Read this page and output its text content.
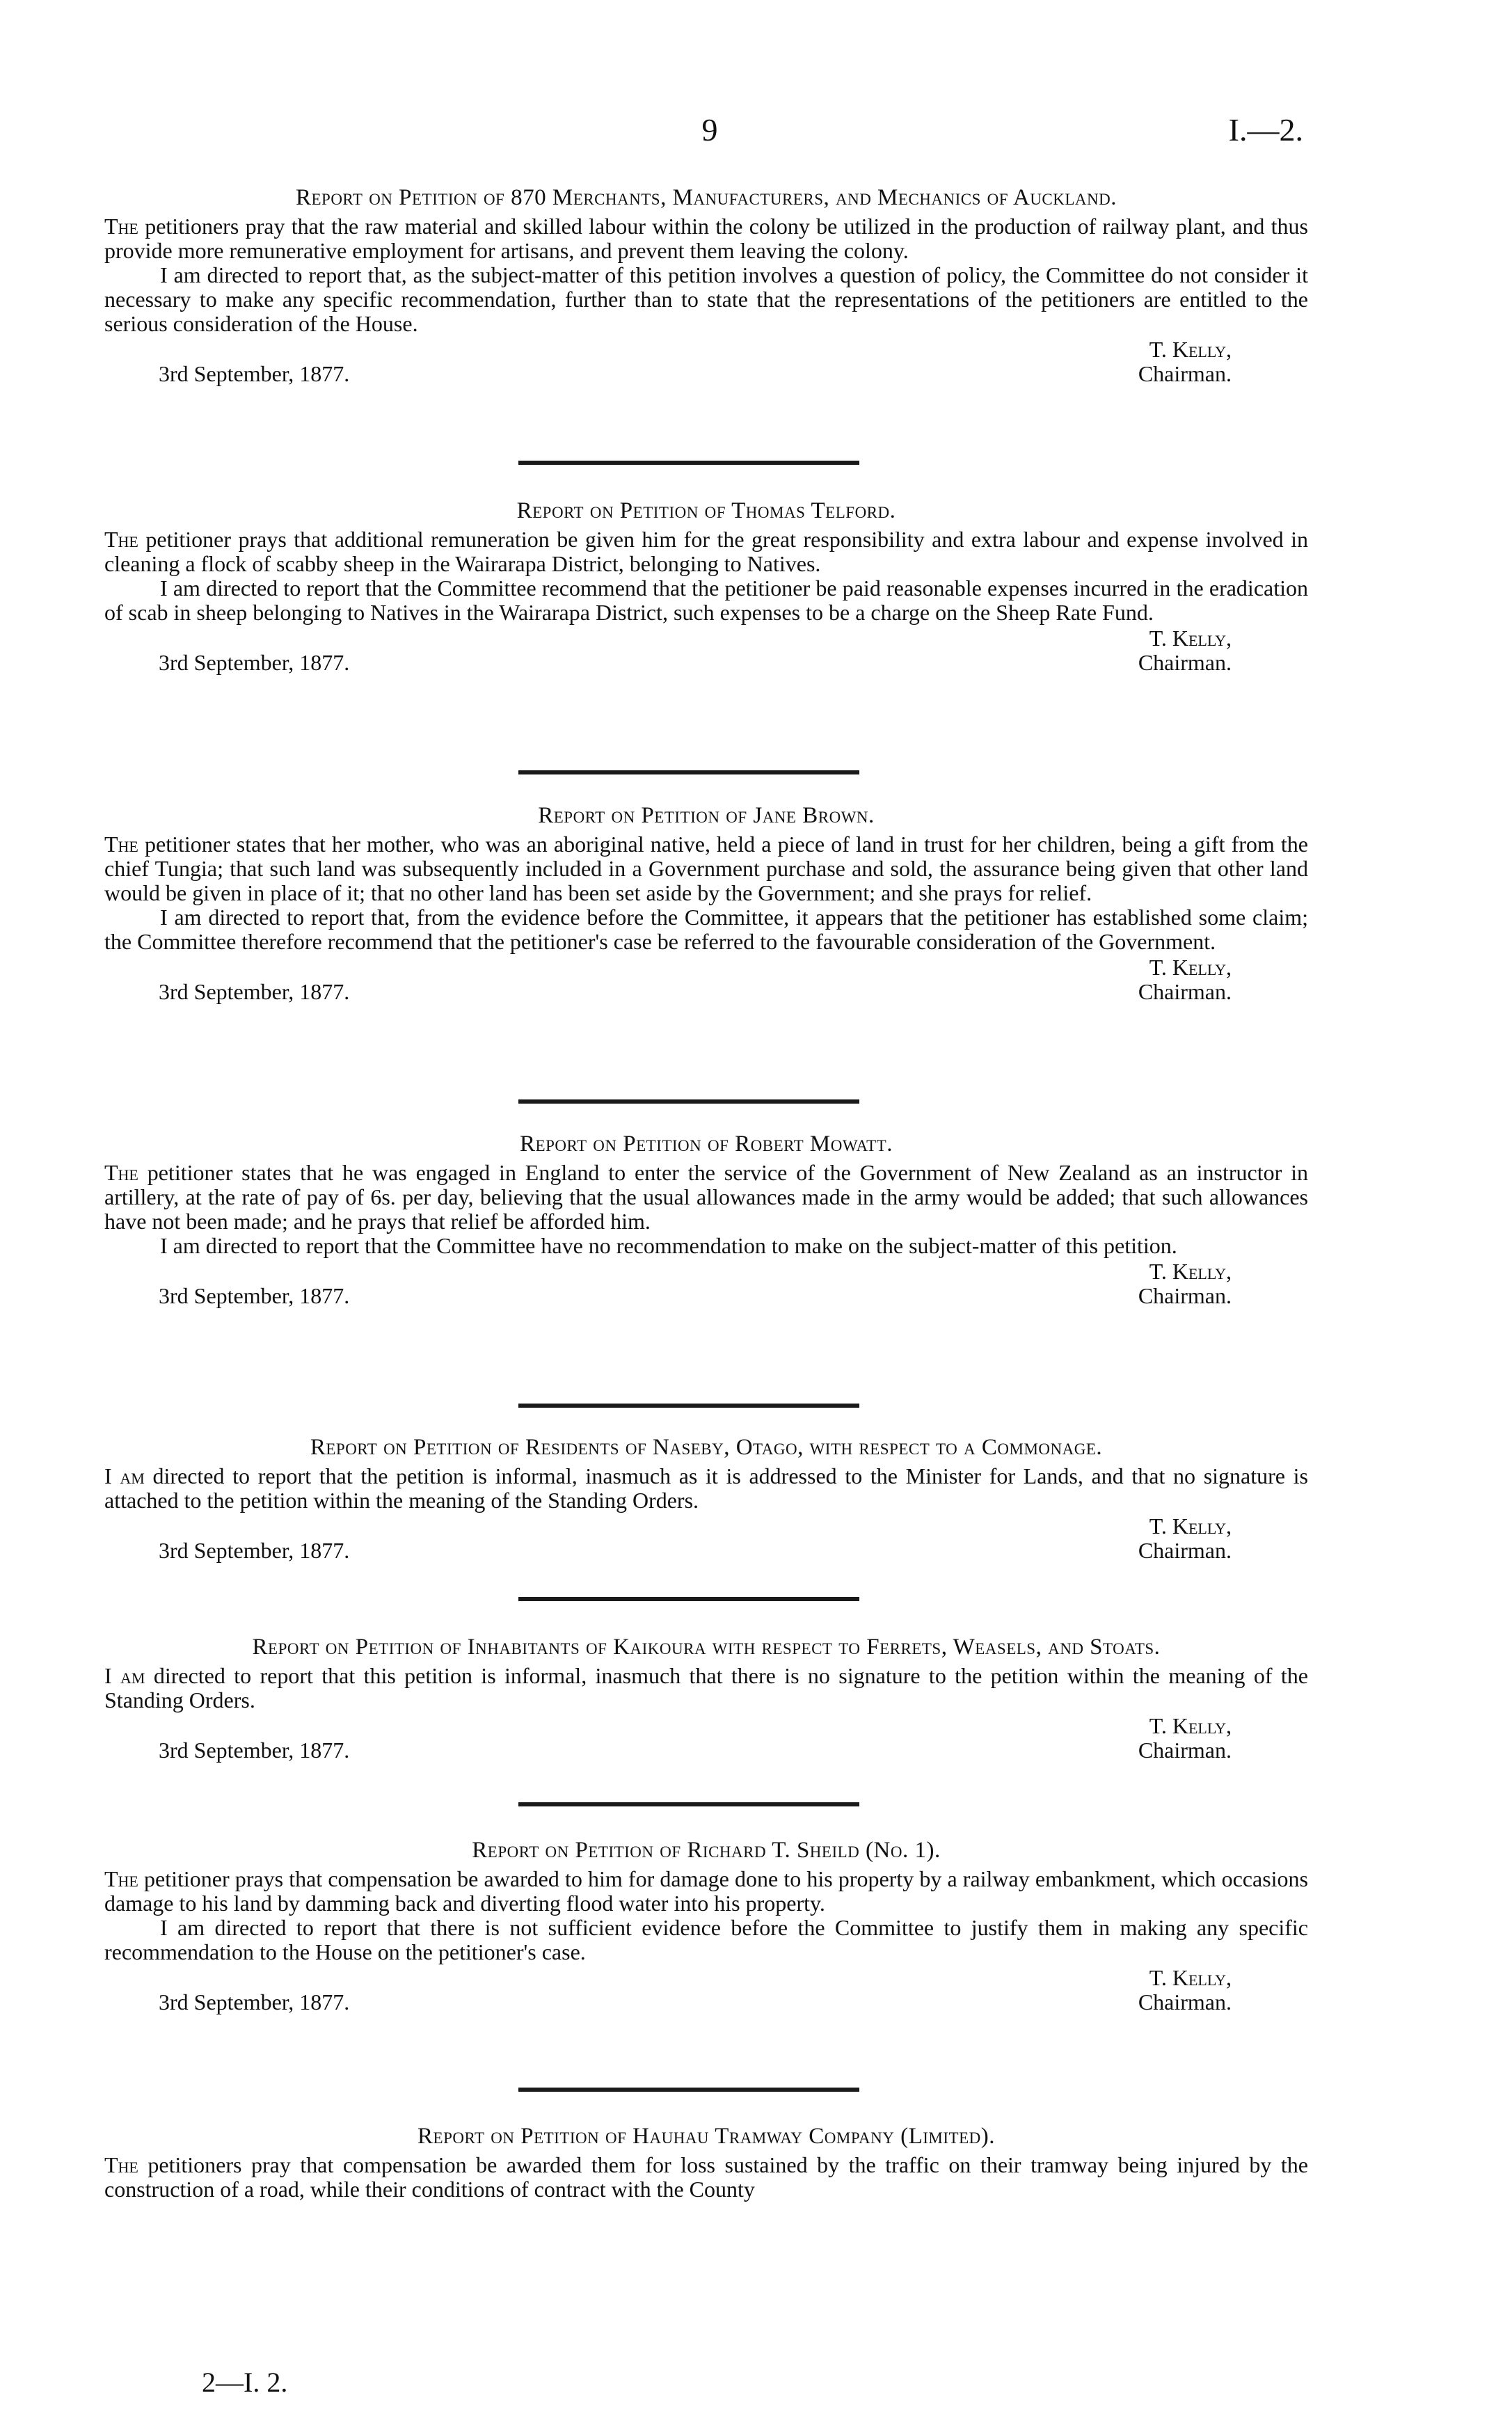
9	I.—2.
Report on Petition of 870 Merchants, Manufacturers, and Mechanics of Auckland.

The petitioners pray that the raw material and skilled labour within the colony be utilized in the production of railway plant, and thus provide more remunerative employment for artisans, and prevent them leaving the colony.

I am directed to report that, as the subject-matter of this petition involves a question of policy, the Committee do not consider it necessary to make any specific recommendation, further than to state that the representations of the petitioners are entitled to the serious consideration of the House.

T. Kelly,
3rd September, 1877.	Chairman.
Report on Petition of Thomas Telford.

The petitioner prays that additional remuneration be given him for the great responsibility and extra labour and expense involved in cleaning a flock of scabby sheep in the Wairarapa District, belonging to Natives.

I am directed to report that the Committee recommend that the petitioner be paid reasonable expenses incurred in the eradication of scab in sheep belonging to Natives in the Wairarapa District, such expenses to be a charge on the Sheep Rate Fund.

T. Kelly,
3rd September, 1877.	Chairman.
Report on Petition of Jane Brown.

The petitioner states that her mother, who was an aboriginal native, held a piece of land in trust for her children, being a gift from the chief Tungia; that such land was subsequently included in a Government purchase and sold, the assurance being given that other land would be given in place of it; that no other land has been set aside by the Government; and she prays for relief.

I am directed to report that, from the evidence before the Committee, it appears that the petitioner has established some claim; the Committee therefore recommend that the petitioner's case be referred to the favourable consideration of the Government.

T. Kelly,
3rd September, 1877.	Chairman.
Report on Petition of Robert Mowatt.

The petitioner states that he was engaged in England to enter the service of the Government of New Zealand as an instructor in artillery, at the rate of pay of 6s. per day, believing that the usual allowances made in the army would be added; that such allowances have not been made; and he prays that relief be afforded him.

I am directed to report that the Committee have no recommendation to make on the subject-matter of this petition.

T. Kelly,
3rd September, 1877.	Chairman.
Report on Petition of Residents of Naseby, Otago, with respect to a Commonage.

I am directed to report that the petition is informal, inasmuch as it is addressed to the Minister for Lands, and that no signature is attached to the petition within the meaning of the Standing Orders.

T. Kelly,
3rd September, 1877.	Chairman.
Report on Petition of Inhabitants of Kaikoura with respect to Ferrets, Weasels, and Stoats.

I am directed to report that this petition is informal, inasmuch that there is no signature to the petition within the meaning of the Standing Orders.

T. Kelly,
3rd September, 1877.	Chairman.
Report on Petition of Richard T. Sheild (No. 1).

The petitioner prays that compensation be awarded to him for damage done to his property by a railway embankment, which occasions damage to his land by damming back and diverting flood water into his property.

I am directed to report that there is not sufficient evidence before the Committee to justify them in making any specific recommendation to the House on the petitioner's case.

T. Kelly,
3rd September, 1877.	Chairman.
Report on Petition of Hauhau Tramway Company (Limited).

The petitioners pray that compensation be awarded them for loss sustained by the traffic on their tramway being injured by the construction of a road, while their conditions of contract with the County

2—I. 2.
